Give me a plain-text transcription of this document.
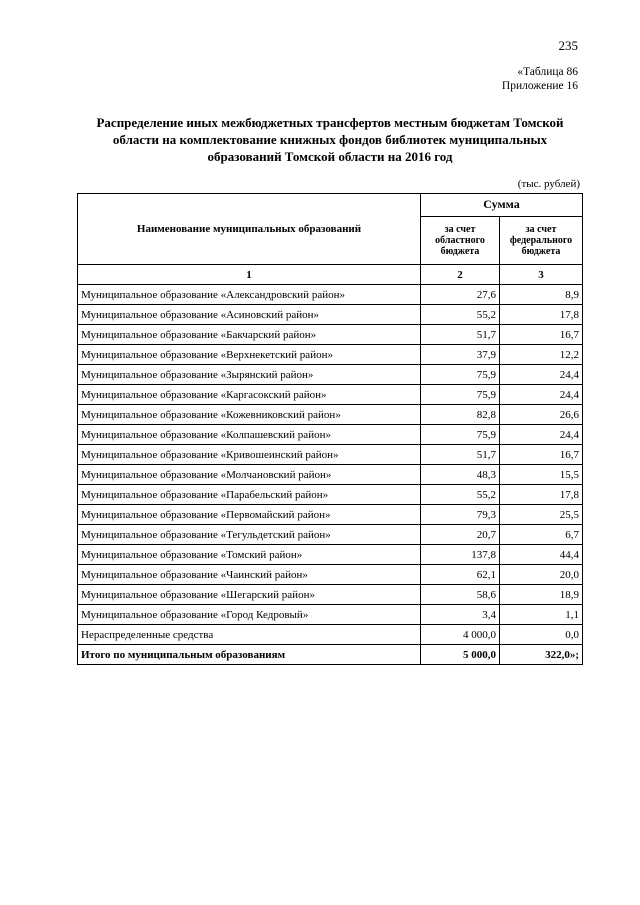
235
«Таблица 86
Приложение 16
Распределение иных межбюджетных трансфертов местным бюджетам Томской области на комплектование книжных фондов библиотек муниципальных образований Томской области на 2016 год
(тыс. рублей)
Наименование муниципальных образований	Сумма	
	за счет областного бюджета	за счет федерального бюджета
1	2	3
Муниципальное образование «Александровский район»	27,6	8,9
Муниципальное образование «Асиновский район»	55,2	17,8
Муниципальное образование «Бакчарский район»	51,7	16,7
Муниципальное образование «Верхнекетский район»	37,9	12,2
Муниципальное образование «Зырянский район»	75,9	24,4
Муниципальное образование «Каргасокский район»	75,9	24,4
Муниципальное образование «Кожевниковский район»	82,8	26,6
Муниципальное образование «Колпашевский район»	75,9	24,4
Муниципальное образование «Кривошеинский район»	51,7	16,7
Муниципальное образование «Молчановский район»	48,3	15,5
Муниципальное образование «Парабельский район»	55,2	17,8
Муниципальное образование «Первомайский район»	79,3	25,5
Муниципальное образование «Тегульдетский район»	20,7	6,7
Муниципальное образование «Томский район»	137,8	44,4
Муниципальное образование «Чаинский район»	62,1	20,0
Муниципальное образование «Шегарский район»	58,6	18,9
Муниципальное образование «Город Кедровый»	3,4	1,1
Нераспределенные средства	4 000,0	0,0
Итого по муниципальным образованиям	5 000,0	322,0»;
